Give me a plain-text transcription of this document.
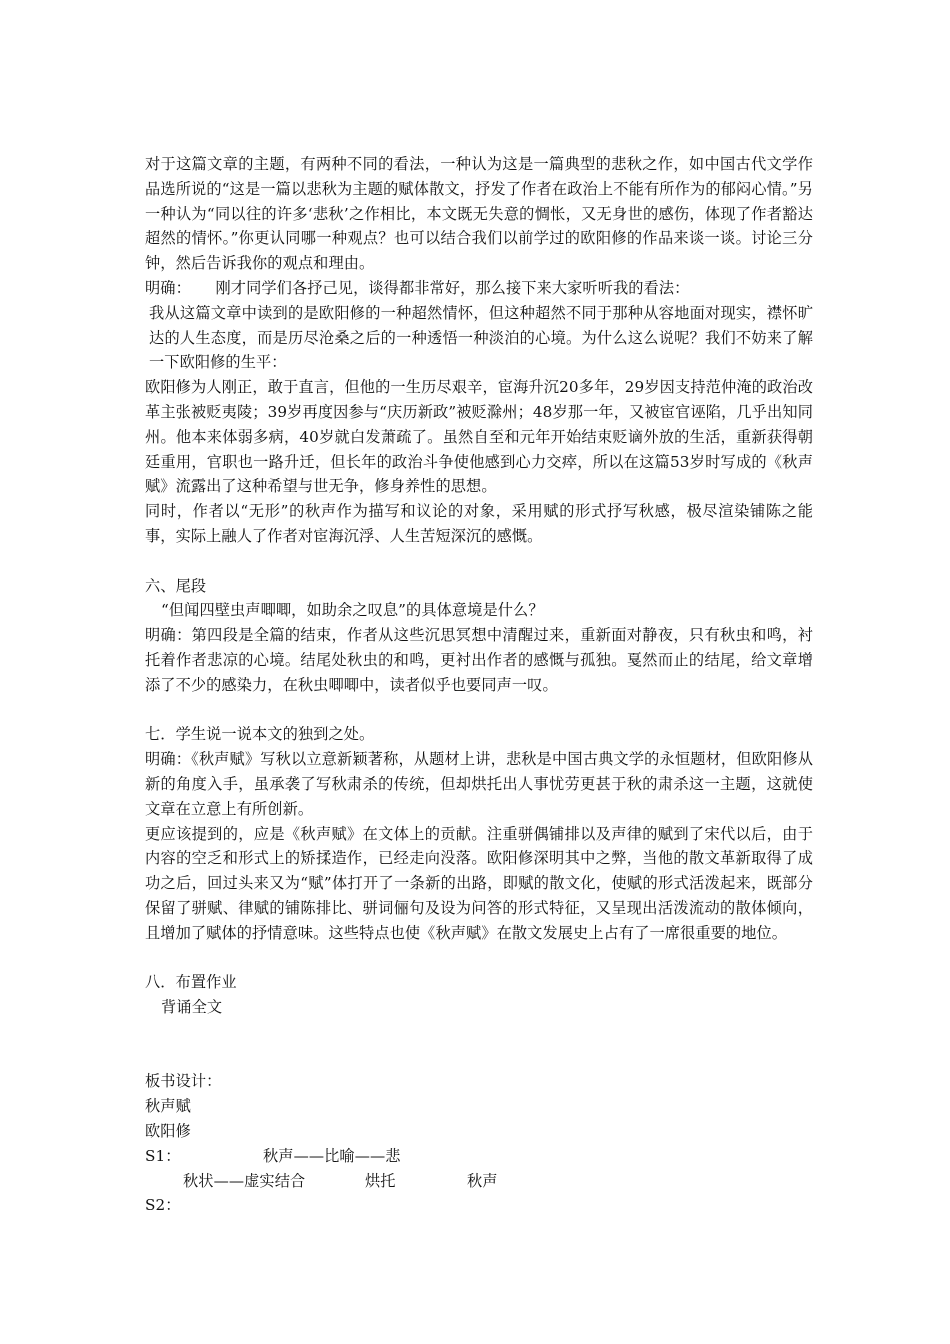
对于这篇文章的主题，有两种不同的看法，一种认为这是一篇典型的悲秋之作，如中国古代文学作品选所说的“这是一篇以悲秋为主题的赋体散文，抒发了作者在政治上不能有所作为的郁闷心情。”另一种认为“同以往的许多‘悲秋’之作相比，本文既无失意的惆怅，又无身世的感伤，体现了作者豁达超然的情怀。”你更认同哪一种观点？也可以结合我们以前学过的欧阳修的作品来谈一谈。讨论三分钟，然后告诉我你的观点和理由。

明确：     刚才同学们各抒己见，谈得都非常好，那么接下来大家听听我的看法：

我从这篇文章中读到的是欧阳修的一种超然情怀，但这种超然不同于那种从容地面对现实，襟怀旷达的人生态度，而是历尽沧桑之后的一种透悟一种淡泊的心境。为什么这么说呢？我们不妨来了解一下欧阳修的生平：

欧阳修为人刚正，敢于直言，但他的一生历尽艰辛，宦海升沉20多年，29岁因支持范仲淹的政治改革主张被贬夷陵；39岁再度因参与“庆历新政”被贬滁州；48岁那一年，又被宦官诬陷，几乎出知同州。他本来体弱多病，40岁就白发萧疏了。虽然自至和元年开始结束贬谪外放的生活，重新获得朝廷重用，官职也一路升迁，但长年的政治斗争使他感到心力交瘁，所以在这篇53岁时写成的《秋声赋》流露出了这种希望与世无争，修身养性的思想。

同时，作者以“无形”的秋声作为描写和议论的对象，采用赋的形式抒写秋感，极尽渲染铺陈之能事，实际上融人了作者对宦海沉浮、人生苦短深沉的感慨。

六、尾段

“但闻四壁虫声唧唧，如助余之叹息”的具体意境是什么？

明确：第四段是全篇的结束，作者从这些沉思冥想中清醒过来，重新面对静夜，只有秋虫和鸣，衬托着作者悲凉的心境。结尾处秋虫的和鸣，更衬出作者的感慨与孤独。戛然而止的结尾，给文章增添了不少的感染力，在秋虫唧唧中，读者似乎也要同声一叹。

七．学生说一说本文的独到之处。

明确：《秋声赋》写秋以立意新颖著称，从题材上讲，悲秋是中国古典文学的永恒题材，但欧阳修从新的角度入手，虽承袭了写秋肃杀的传统，但却烘托出人事忧劳更甚于秋的肃杀这一主题，这就使文章在立意上有所创新。

更应该提到的，应是《秋声赋》在文体上的贡献。注重骈偶铺排以及声律的赋到了宋代以后，由于内容的空乏和形式上的矫揉造作，已经走向没落。欧阳修深明其中之弊，当他的散文革新取得了成功之后，回过头来又为“赋”体打开了一条新的出路，即赋的散文化，使赋的形式活泼起来，既部分保留了骈赋、律赋的铺陈排比、骈词俪句及设为问答的形式特征，又呈现出活泼流动的散体倾向，且增加了赋体的抒情意味。这些特点也使《秋声赋》在散文发展史上占有了一席很重要的地位。

八．布置作业

背诵全文

板书设计：

秋声赋

欧阳修

S1：	秋声——比喻——悲
秋状——虚实结合	烘托	秋声

S2：
